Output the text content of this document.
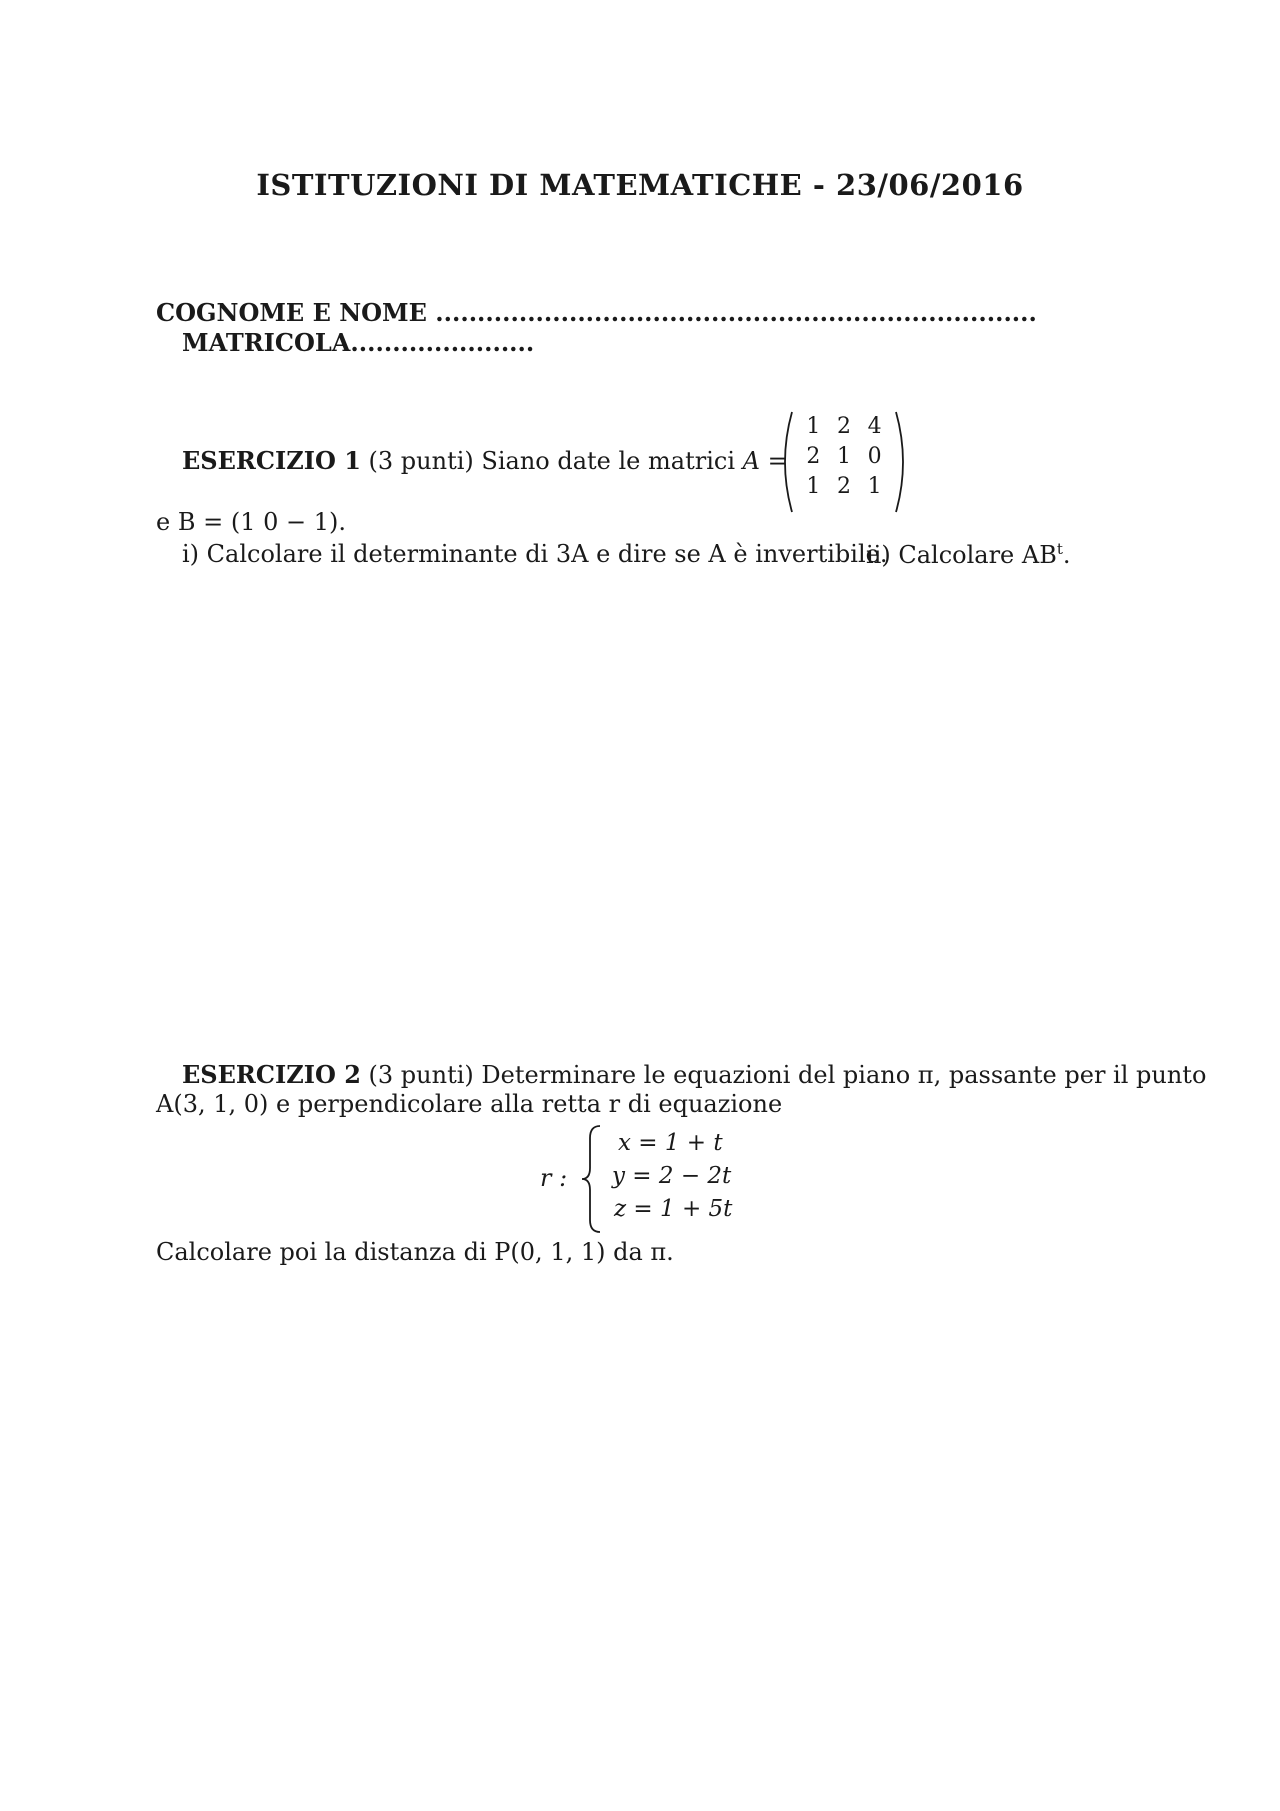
ISTITUZIONI DI MATEMATICHE - 23/06/2016
COGNOME E NOME ........................................................................
MATRICOLA......................
ESERCIZIO 1 (3 punti) Siano date le matrici A =
1 2 4
2 1 0
1 2 1
e B = (1 0 − 1).
i) Calcolare il determinante di 3A e dire se A è invertibile.
ii) Calcolare $AB^t$.
ESERCIZIO 2 (3 punti) Determinare le equazioni del piano π, passante per il punto
A(3, 1, 0) e perpendicolare alla retta r di equazione
r :
x = 1 + t
y = 2 − 2t
z = 1 + 5t
Calcolare poi la distanza di P(0, 1, 1) da π.
